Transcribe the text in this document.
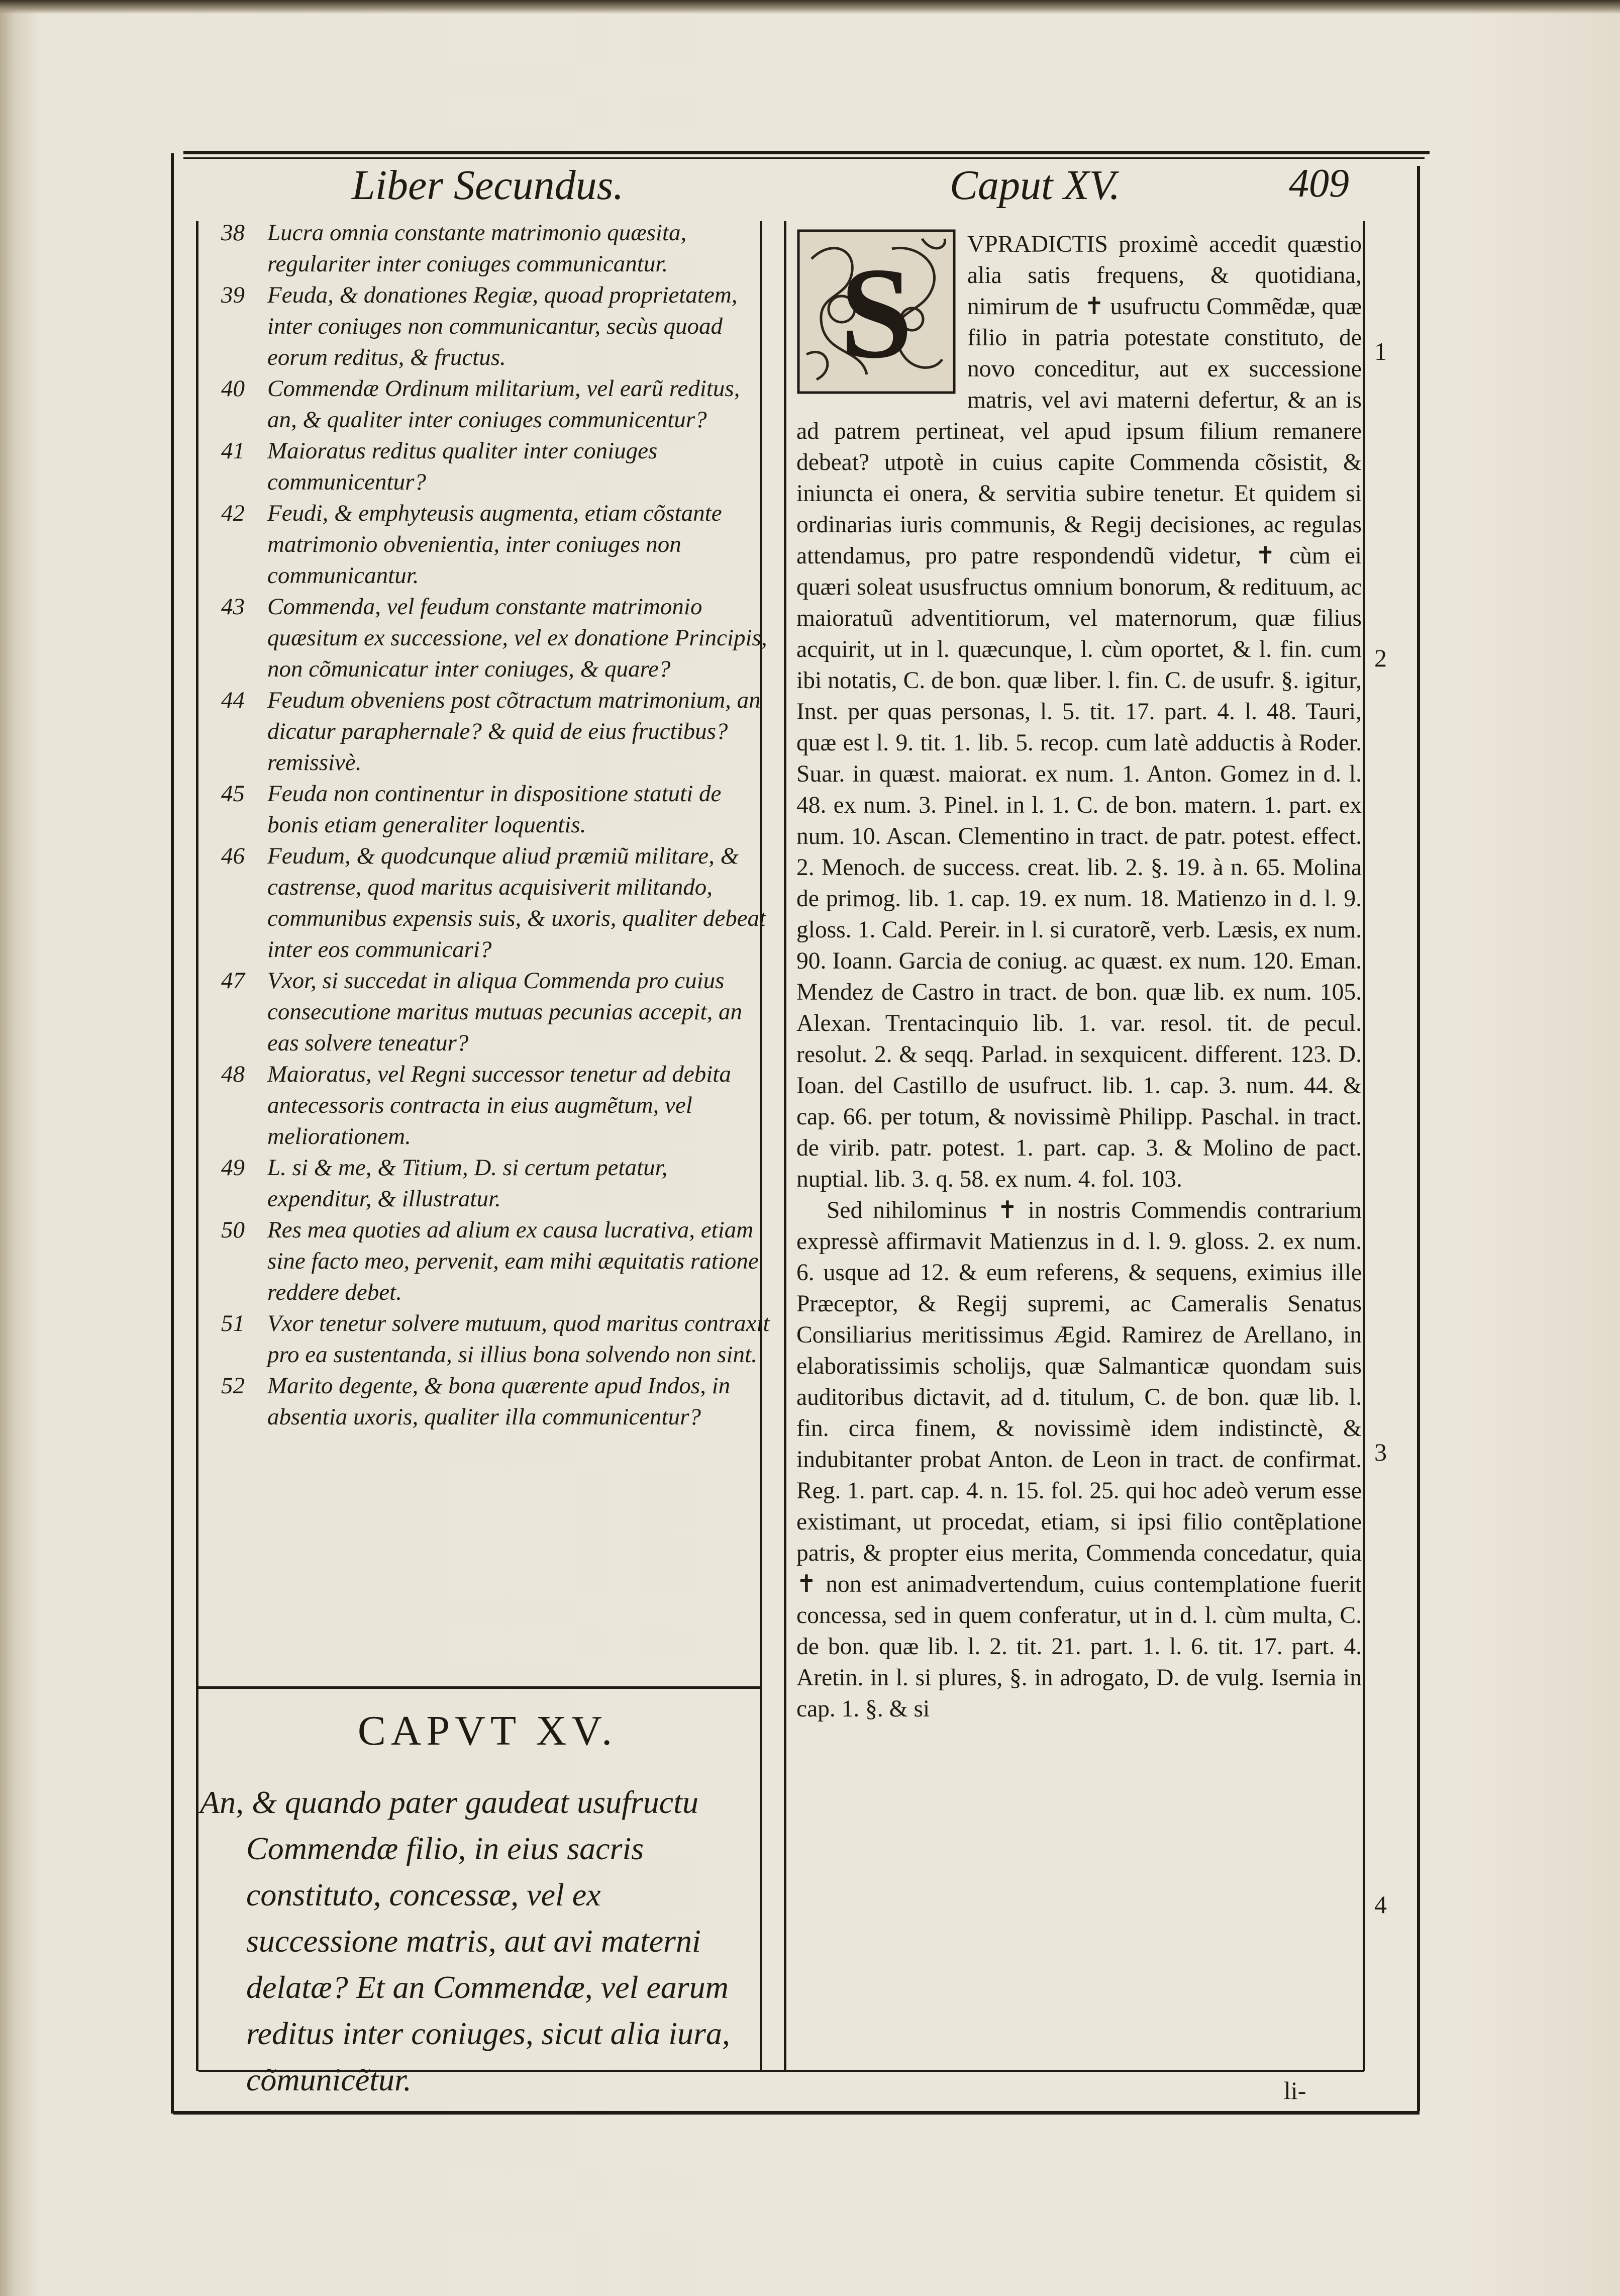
Liber Secundus.	Caput XV.	409

38 Lucra omnia constante matrimonio quæsita, regulariter inter coniuges communicantur.

39 Feuda, & donationes Regiæ, quoad proprietatem, inter coniuges non communicantur, secùs quoad eorum reditus, & fructus.

40 Commendæ Ordinum militarium, vel earũ reditus, an, & qualiter inter coniuges communicentur?

41 Maioratus reditus qualiter inter coniuges communicentur?

42 Feudi, & emphyteusis augmenta, etiam cõstante matrimonio obvenientia, inter coniuges non communicantur.

43 Commenda, vel feudum constante matrimonio quæsitum ex successione, vel ex donatione Principis, non cõmunicatur inter coniuges, & quare?

44 Feudum obveniens post cõtractum matrimonium, an dicatur paraphernale? & quid de eius fructibus? remissivè.

45 Feuda non continentur in dispositione statuti de bonis etiam generaliter loquentis.

46 Feudum, & quodcunque aliud præmiũ militare, & castrense, quod maritus acquisiverit militando, communibus expensis suis, & uxoris, qualiter debeat inter eos communicari?

47 Vxor, si succedat in aliqua Commenda pro cuius consecutione maritus mutuas pecunias accepit, an eas solvere teneatur?

48 Maioratus, vel Regni successor tenetur ad debita antecessoris contracta in eius augmẽtum, vel meliorationem.

49 L. si & me, & Titium, D. si certum petatur, expenditur, & illustratur.

50 Res mea quoties ad alium ex causa lucrativa, etiam sine facto meo, pervenit, eam mihi æquitatis ratione reddere debet.

51 Vxor tenetur solvere mutuum, quod maritus contraxit pro ea sustentanda, si illius bona solvendo non sint.

52 Marito degente, & bona quærente apud Indos, in absentia uxoris, qualiter illa communicentur?

CAPVT XV.

An, & quando pater gaudeat usufructu Commendæ filio, in eius sacris constituto, concessæ, vel ex successione matris, aut avi materni delatæ? Et an Commendæ, vel earum reditus inter coniuges, sicut alia iura, cõmunicẽtur.

S	VPRADICTIS proximè accedit quæstio alia satis frequens, & quotidiana, nimirum de ✝ usufructu Commẽdæ, quæ filio in patria potestate constituto, de novo conceditur, aut ex successione matris, vel avi materni defertur, & an is ad patrem pertineat, vel apud ipsum filium remanere debeat? utpotè in cuius capite Commenda cõsistit, & iniuncta ei onera, & servitia subire tenetur. Et quidem si ordinarias iuris communis, & Regij decisiones, ac regulas attendamus, pro patre respondendũ videtur, ✝ cùm ei quæri soleat ususfructus omnium bonorum, & redituum, ac maioratuũ adventitiorum, vel maternorum, quæ filius acquirit, ut in l. quæcunque, l. cùm oportet, & l. fin. cum ibi notatis, C. de bon. quæ liber. l. fin. C. de usufr. §. igitur, Inst. per quas personas, l. 5. tit. 17. part. 4. l. 48. Tauri, quæ est l. 9. tit. 1. lib. 5. recop. cum latè adductis à Roder. Suar. in quæst. maiorat. ex num. 1. Anton. Gomez in d. l. 48. ex num. 3. Pinel. in l. 1. C. de bon. matern. 1. part. ex num. 10. Ascan. Clementino in tract. de patr. potest. effect. 2. Menoch. de success. creat. lib. 2. §. 19. à n. 65. Molina de primog. lib. 1. cap. 19. ex num. 18. Matienzo in d. l. 9. gloss. 1. Cald. Pereir. in l. si curatorẽ, verb. Læsis, ex num. 90. Ioann. Garcia de coniug. ac quæst. ex num. 120. Eman. Mendez de Castro in tract. de bon. quæ lib. ex num. 105. Alexan. Trentacinquio lib. 1. var. resol. tit. de pecul. resolut. 2. & seqq. Parlad. in sexquicent. different. 123. D. Ioan. del Castillo de usufruct. lib. 1. cap. 3. num. 44. & cap. 66. per totum, & novissimè Philipp. Paschal. in tract. de virib. patr. potest. 1. part. cap. 3. & Molino de pact. nuptial. lib. 3. q. 58. ex num. 4. fol. 103.

Sed nihilominus ✝ in nostris Commendis contrarium expressè affirmavit Matienzus in d. l. 9. gloss. 2. ex num. 6. usque ad 12. & eum referens, & sequens, eximius ille Præceptor, & Regij supremi, ac Cameralis Senatus Consiliarius meritissimus Ægid. Ramirez de Arellano, in elaboratissimis scholijs, quæ Salmanticæ quondam suis auditoribus dictavit, ad d. titulum, C. de bon. quæ lib. l. fin. circa finem, & novissimè idem indistinctè, & indubitanter probat Anton. de Leon in tract. de confirmat. Reg. 1. part. cap. 4. n. 15. fol. 25. qui hoc adeò verum esse existimant, ut procedat, etiam, si ipsi filio contẽplatione patris, & propter eius merita, Commenda concedatur, quia ✝ non est animadvertendum, cuius contemplatione fuerit concessa, sed in quem conferatur, ut in d. l. cùm multa, C. de bon. quæ lib. l. 2. tit. 21. part. 1. l. 6. tit. 17. part. 4. Aretin. in l. si plures, §. in adrogato, D. de vulg. Isernia in cap. 1. §. & si

1
2
3
4
li-
